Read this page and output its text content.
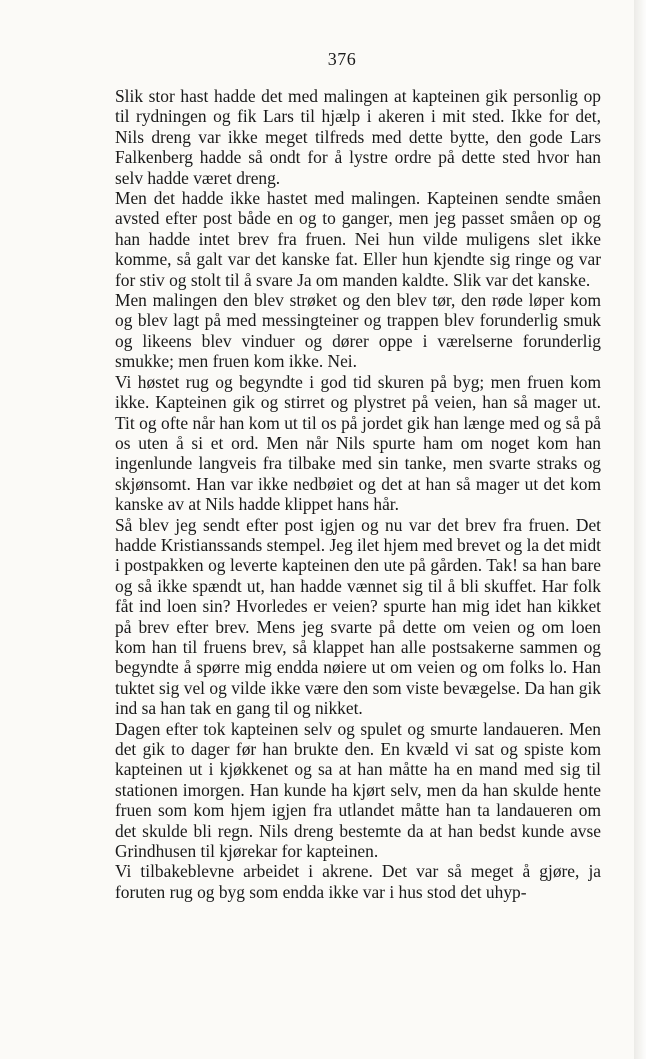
376

Slik stor hast hadde det med malingen at kapteinen gik personlig op til rydningen og fik Lars til hjælp i akeren i mit sted. Ikke for det, Nils dreng var ikke meget tilfreds med dette bytte, den gode Lars Falkenberg hadde så ondt for å lystre ordre på dette sted hvor han selv hadde været dreng.

Men det hadde ikke hastet med malingen. Kapteinen sendte småen avsted efter post både en og to ganger, men jeg passet småen op og han hadde intet brev fra fruen. Nei hun vilde muligens slet ikke komme, så galt var det kanske fat. Eller hun kjendte sig ringe og var for stiv og stolt til å svare Ja om manden kaldte. Slik var det kanske.

Men malingen den blev strøket og den blev tør, den røde løper kom og blev lagt på med messingteiner og trappen blev forunderlig smuk og likeens blev vinduer og dører oppe i værelserne forunderlig smukke; men fruen kom ikke. Nei.

Vi høstet rug og begyndte i god tid skuren på byg; men fruen kom ikke. Kapteinen gik og stirret og plystret på veien, han så mager ut. Tit og ofte når han kom ut til os på jordet gik han længe med og så på os uten å si et ord. Men når Nils spurte ham om noget kom han ingenlunde langveis fra tilbake med sin tanke, men svarte straks og skjønsomt. Han var ikke nedbøiet og det at han så mager ut det kom kanske av at Nils hadde klippet hans hår.

Så blev jeg sendt efter post igjen og nu var det brev fra fruen. Det hadde Kristianssands stempel. Jeg ilet hjem med brevet og la det midt i postpakken og leverte kapteinen den ute på gården. Tak! sa han bare og så ikke spændt ut, han hadde vænnet sig til å bli skuffet. Har folk fåt ind loen sin? Hvorledes er veien? spurte han mig idet han kikket på brev efter brev. Mens jeg svarte på dette om veien og om loen kom han til fruens brev, så klappet han alle postsakerne sammen og begyndte å spørre mig endda nøiere ut om veien og om folks lo. Han tuktet sig vel og vilde ikke være den som viste bevægelse. Da han gik ind sa han tak en gang til og nikket.

Dagen efter tok kapteinen selv og spulet og smurte landaueren. Men det gik to dager før han brukte den. En kvæld vi sat og spiste kom kapteinen ut i kjøkkenet og sa at han måtte ha en mand med sig til stationen imorgen. Han kunde ha kjørt selv, men da han skulde hente fruen som kom hjem igjen fra utlandet måtte han ta landaueren om det skulde bli regn. Nils dreng bestemte da at han bedst kunde avse Grindhusen til kjørekar for kapteinen.

Vi tilbakeblevne arbeidet i akrene. Det var så meget å gjøre, ja foruten rug og byg som endda ikke var i hus stod det uhyp-
